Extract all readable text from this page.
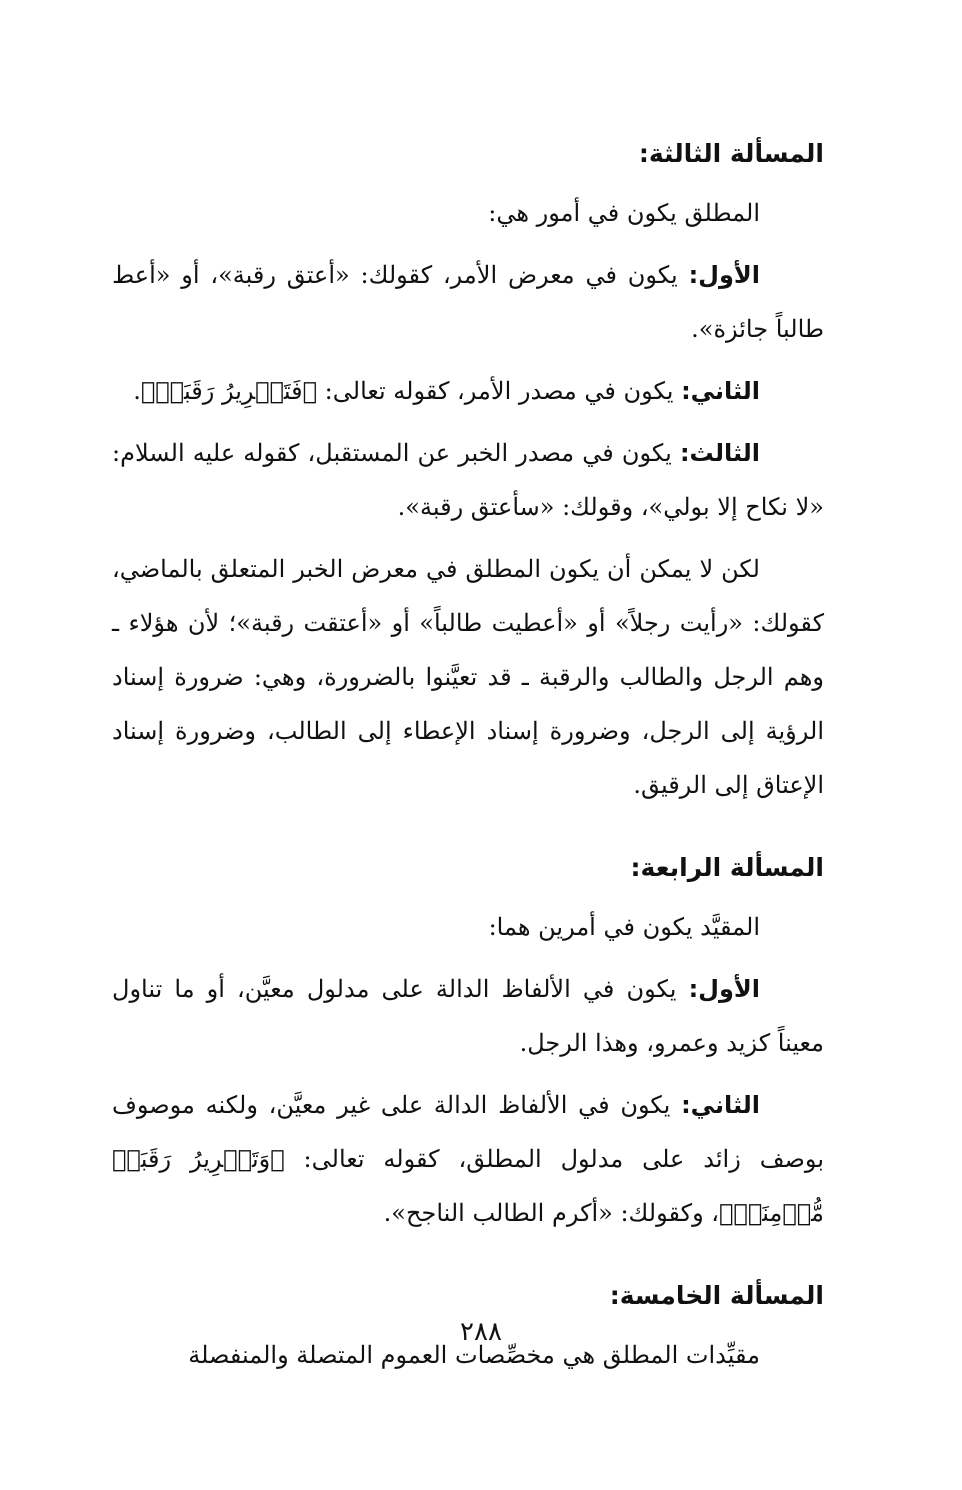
المسألة الثالثة:
المطلق يكون في أمور هي:
الأول: يكون في معرض الأمر، كقولك: «أعتق رقبة»، أو «أعط طالباً جائزة».
الثاني: يكون في مصدر الأمر، كقوله تعالى: ﴿فَتَحۡرِيرُ رَقَبَةٖ﴾.
الثالث: يكون في مصدر الخبر عن المستقبل، كقوله عليه السلام: «لا نكاح إلا بولي»، وقولك: «سأعتق رقبة».
لكن لا يمكن أن يكون المطلق في معرض الخبر المتعلق بالماضي، كقولك: «رأيت رجلاً» أو «أعطيت طالباً» أو «أعتقت رقبة»؛ لأن هؤلاء ـ وهم الرجل والطالب والرقبة ـ قد تعيَّنوا بالضرورة، وهي: ضرورة إسناد الرؤية إلى الرجل، وضرورة إسناد الإعطاء إلى الطالب، وضرورة إسناد الإعتاق إلى الرقيق.
المسألة الرابعة:
المقيَّد يكون في أمرين هما:
الأول: يكون في الألفاظ الدالة على مدلول معيَّن، أو ما تناول معيناً كزيد وعمرو، وهذا الرجل.
الثاني: يكون في الألفاظ الدالة على غير معيَّن، ولكنه موصوف بوصف زائد على مدلول المطلق، كقوله تعالى: ﴿وَتَحۡرِيرُ رَقَبَةٖ مُّؤۡمِنَةٖ﴾، وكقولك: «أكرم الطالب الناجح».
المسألة الخامسة:
مقيِّدات المطلق هي مخصِّصات العموم المتصلة والمنفصلة
٢٨٨
